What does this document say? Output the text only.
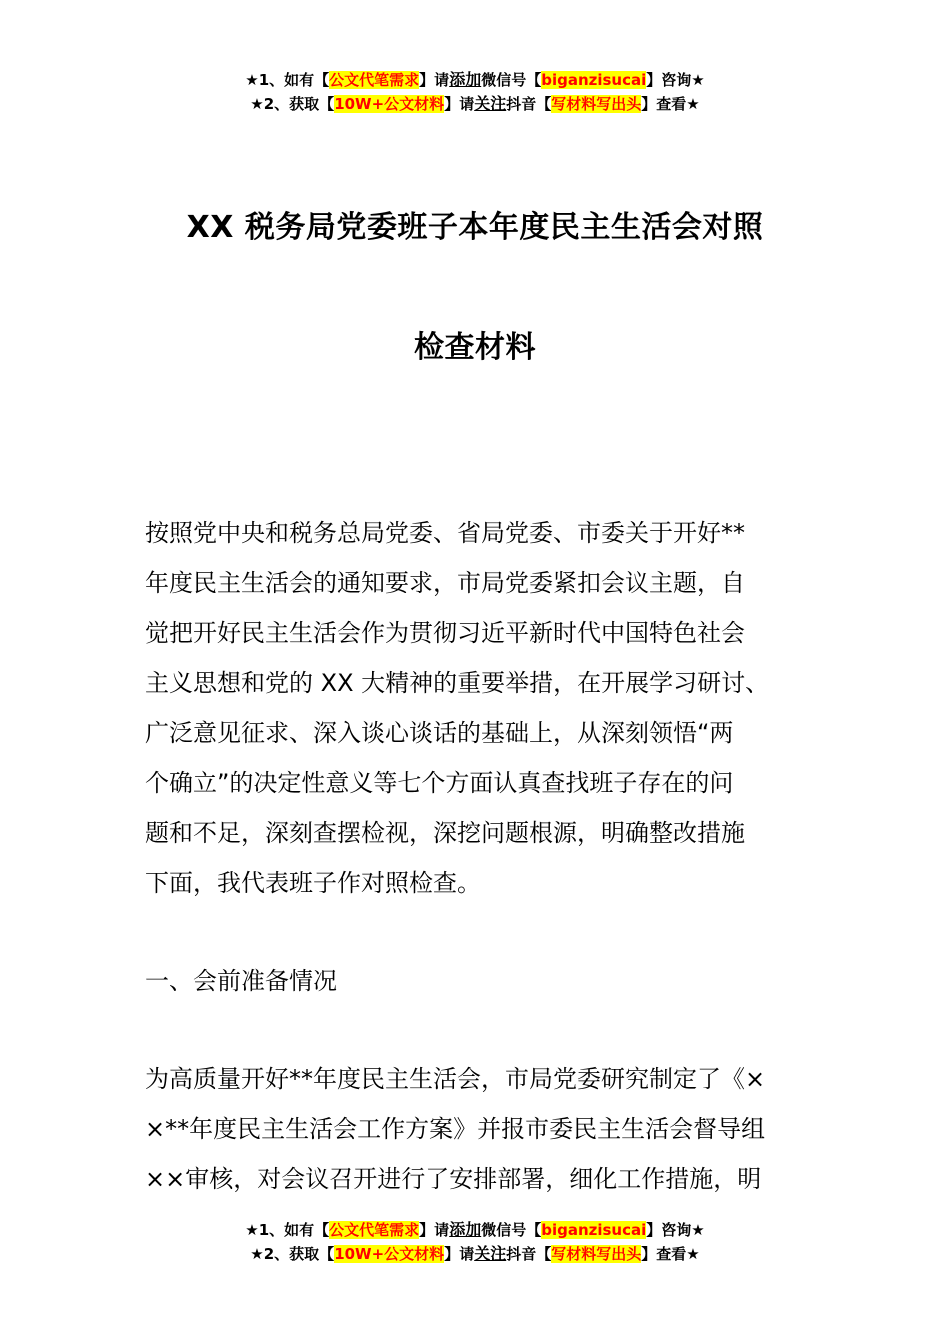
★1、如有【公文代笔需求】请添加微信号【biganzisucai】咨询★
★2、获取【10W+公文材料】请关注抖音【写材料写出头】查看★
XX 税务局党委班子本年度民主生活会对照
检查材料

按照党中央和税务总局党委、省局党委、市委关于开好**

年度民主生活会的通知要求，市局党委紧扣会议主题，自

觉把开好民主生活会作为贯彻习近平新时代中国特色社会

主义思想和党的 XX 大精神的重要举措，在开展学习研讨、

广泛意见征求、深入谈心谈话的基础上，从深刻领悟“两

个确立”的决定性意义等七个方面认真查找班子存在的问

题和不足，深刻查摆检视，深挖问题根源，明确整改措施

下面，我代表班子作对照检查。

一、会前准备情况

为高质量开好**年度民主生活会，市局党委研究制定了《×

×**年度民主生活会工作方案》并报市委民主生活会督导组

××审核，对会议召开进行了安排部署，细化工作措施，明

★1、如有【公文代笔需求】请添加微信号【biganzisucai】咨询★
★2、获取【10W+公文材料】请关注抖音【写材料写出头】查看★
